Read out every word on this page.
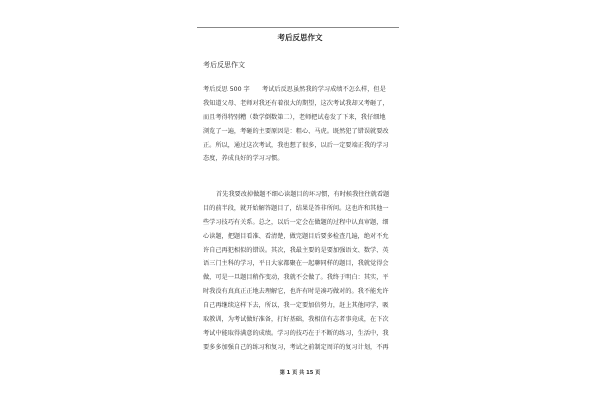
考后反思作文
考后反思作文
考后反思 500 字　　考试后反思虽然我的学习成绩不怎么样，但是
我知道父母、老师对我还有着很大的期望，这次考试我却又考砸了，
而且考得特别糟（数学倒数第二），老师把试卷发了下来，我仔细地
浏览了一遍，考砸的主要原因是：粗心、马虎。既然犯了错误就要改
正。所以，通过这次考试，我也想了很多，以后一定要端正我的学习
态度，养成良好的学习习惯。
首先我要改掉做题不细心读题目的坏习惯，有时候我往往就看题
目的前半段，就开始解答题目了，结果是答非所问。这也许和其他一
些学习技巧有关系。总之，以后一定会在做题的过程中认真审题，细
心读题，把题目看准、看清楚，做完题目后要多检查几遍，绝对不允
许自己再犯相似的错误。其次，我最主要的是要加强语文、数学、英
语三门主科的学习，平日大家都聚在一起聊同样的题目，我就觉得会
做，可是一旦题目稍作变动，我就不会做了。我终于明白：其实，平
时我没有真真正正地去理解它，也许有时是凑巧做对的。我不能允许
自己再继续这样下去，所以，我一定要加倍努力，赶上其他同学，吸
取教训，为考试做好准备，打好基础，我相信有志者事竟成，在下次
考试中能取得满意的成绩。学习的技巧在于不断的练习，生活中，我
要多多加强自己的练习和复习，考试之前制定周详的复习计划，不再
第 1 页 共 15 页
